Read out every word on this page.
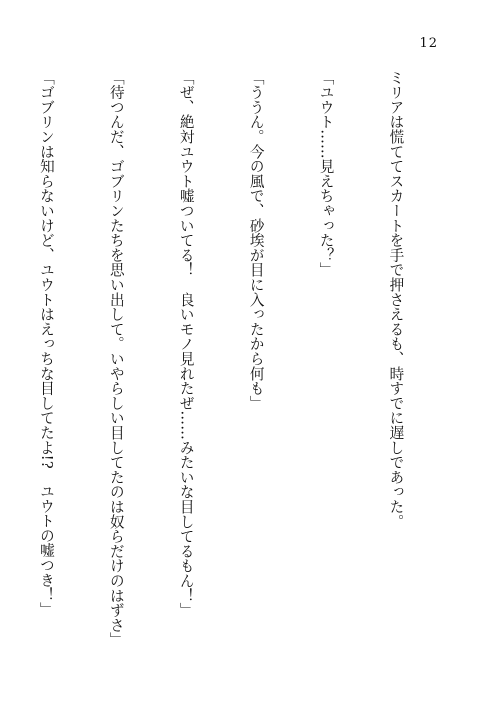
12

ミリアは慌ててスカートを手で押さえるも、時すでに遅しであった。

「ユウト……見えちゃった？」

「ううん。今の風で、砂埃が目に入ったから何も」

「ぜ、絶対ユウト嘘ついてる！　良いモノ見れたぜ……みたいな目してるもん！」

「待つんだ、ゴブリンたちを思い出して。いやらしい目してたのは奴らだけのはずさ」

「ゴブリンは知らないけど、ユウトはえっちな目してたよ!?　ユウトの嘘つき！」
